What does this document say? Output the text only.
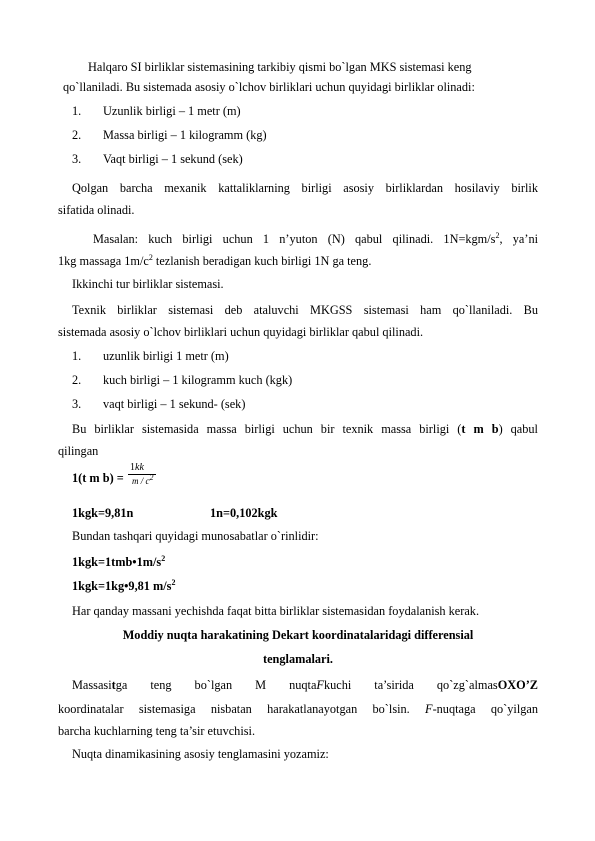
Halqaro SI birliklar sistemasining tarkibiy qismi bo`lgan MKS sistemasi keng
qo`llaniladi. Bu sistemada asosiy o`lchov birliklari uchun quyidagi birliklar olinadi:
1. Uzunlik birligi – 1 metr (m)
2. Massa birligi – 1 kilogramm (kg)
3. Vaqt birligi – 1 sekund (sek)
Qolgan barcha mexanik kattaliklarning birligi asosiy birliklardan hosilaviy birlik
sifatida olinadi.
Masalan: kuch birligi uchun 1 n’yuton (N) qabul qilinadi. $1N=kgm/s^2$, ya’ni
1kg massaga $1m/c^2$ tezlanish beradigan kuch birligi 1N ga teng.
Ikkinchi tur birliklar sistemasi.
Texnik birliklar sistemasi deb ataluvchi MKGSS sistemasi ham qo`llaniladi. Bu
sistemada asosiy o`lchov birliklari uchun quyidagi birliklar qabul qilinadi.
1. uzunlik birligi 1 metr (m)
2. kuch birligi – 1 kilogramm kuch (kgk)
3. vaqt birligi – 1 sekund- (sek)
Bu birliklar sistemasida massa birligi uchun bir texnik massa birligi (t m b) qabul
qilingan
1(t m b) =
1kk
m / $c^2$
1kgk=9,81n	1n=0,102kgk
Bundan tashqari quyidagi munosabatlar o`rinlidir:
$1kgk=1tmb•1m/s^2$
1kgk=1kg•9,81 $m/s^2$
Har qanday massani yechishda faqat bitta birliklar sistemasidan foydalanish kerak.
Moddiy nuqta harakatining Dekart koordinatalaridagi differensial
tenglamalari.
Massasitga teng bo`lgan M nuqtaFkuchi ta’sirida qo`zg`almasOXO’Z
koordinatalar sistemasiga nisbatan harakatlanayotgan bo`lsin. F-nuqtaga qo`yilgan
barcha kuchlarning teng ta’sir etuvchisi.
Nuqta dinamikasining asosiy tenglamasini yozamiz:
